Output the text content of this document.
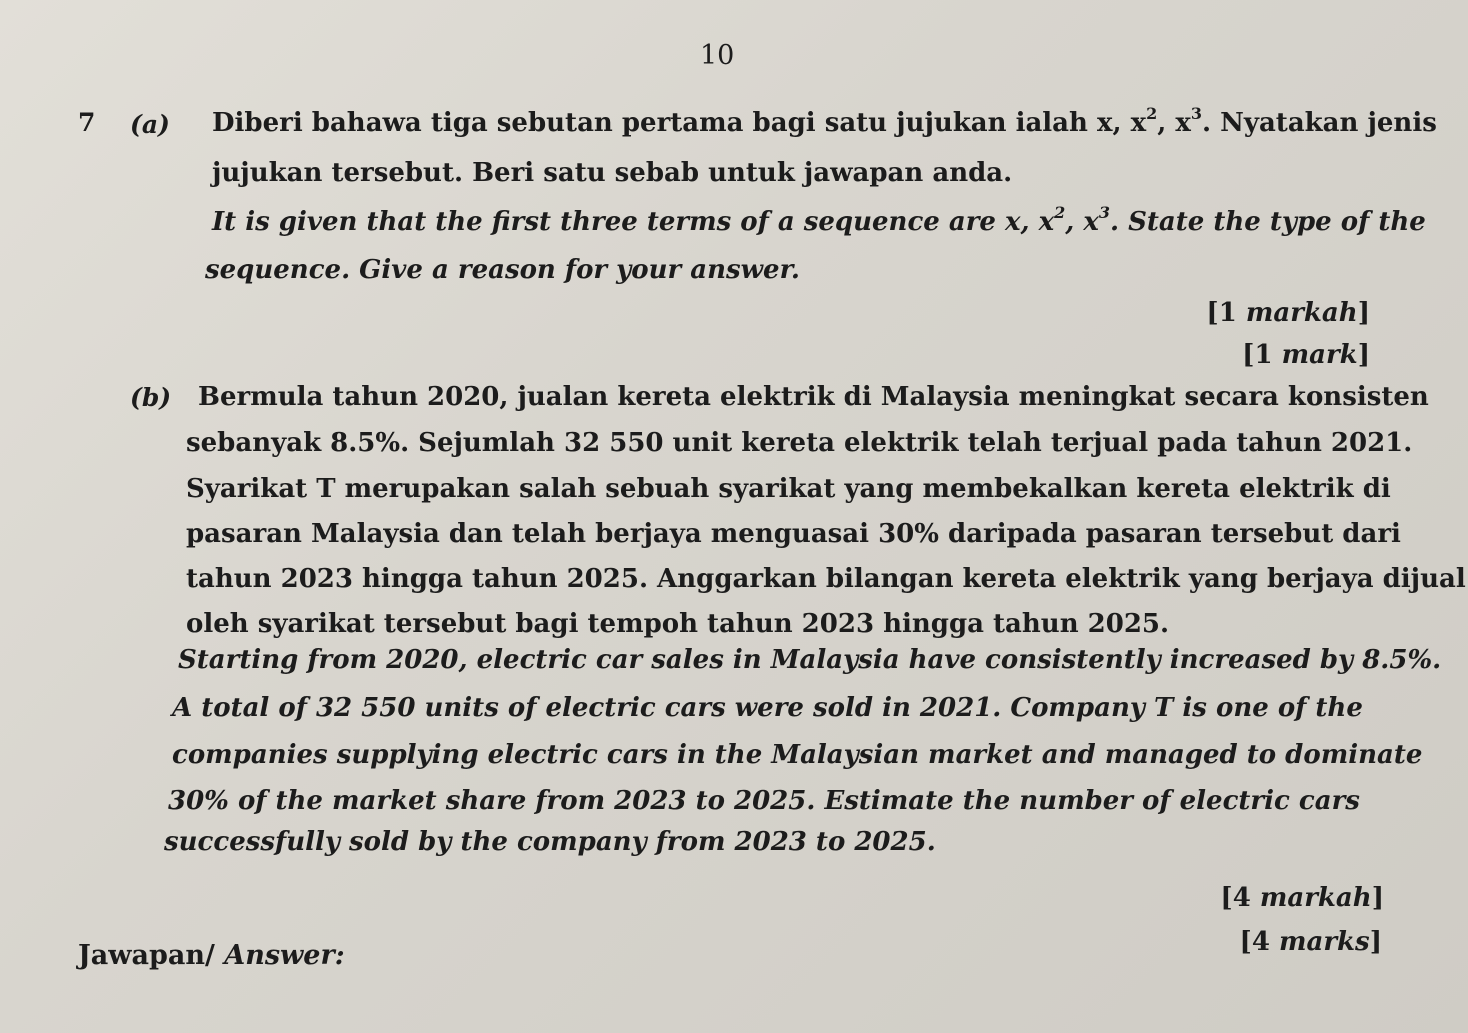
10
7 (a) Diberi bahawa tiga sebutan pertama bagi satu jujukan ialah x, $x^2$, $x^3$. Nyatakan jenis
jujukan tersebut. Beri satu sebab untuk jawapan anda.
It is given that the first three terms of a sequence are x, $x^2$, $x^3$. State the type of the
sequence. Give a reason for your answer.
[1 markah]
[1 mark]
(b) Bermula tahun 2020, jualan kereta elektrik di Malaysia meningkat secara konsisten
sebanyak 8.5%. Sejumlah 32 550 unit kereta elektrik telah terjual pada tahun 2021.
Syarikat T merupakan salah sebuah syarikat yang membekalkan kereta elektrik di
pasaran Malaysia dan telah berjaya menguasai 30% daripada pasaran tersebut dari
tahun 2023 hingga tahun 2025. Anggarkan bilangan kereta elektrik yang berjaya dijual
oleh syarikat tersebut bagi tempoh tahun 2023 hingga tahun 2025.
Starting from 2020, electric car sales in Malaysia have consistently increased by 8.5%.
A total of 32 550 units of electric cars were sold in 2021. Company T is one of the
companies supplying electric cars in the Malaysian market and managed to dominate
30% of the market share from 2023 to 2025. Estimate the number of electric cars
successfully sold by the company from 2023 to 2025.
[4 markah]
[4 marks]
Jawapan/ Answer:
